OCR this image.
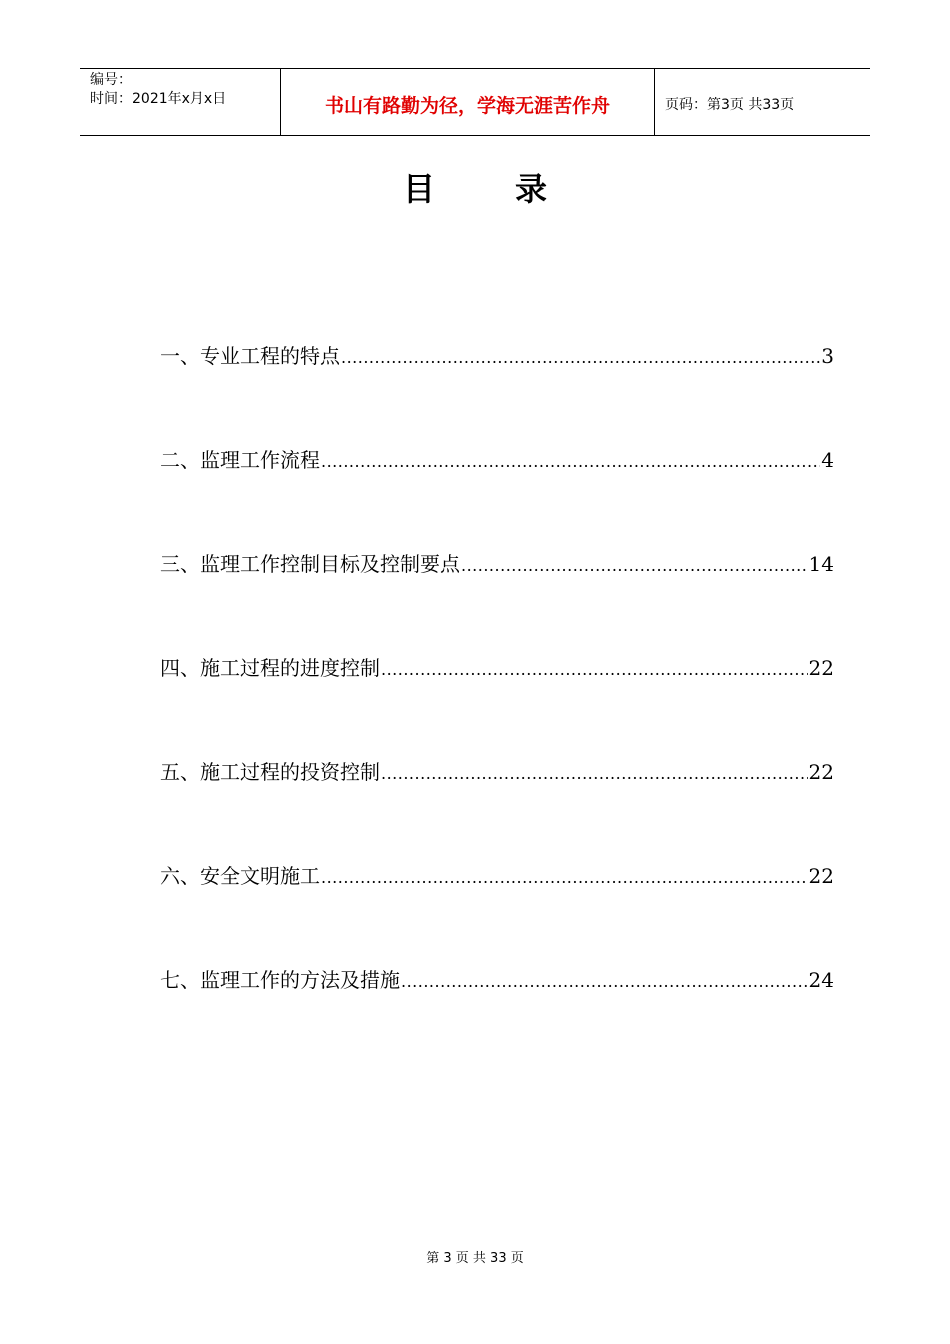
编号：
时间：2021年x月x日	书山有路勤为径，学海无涯苦作舟	页码：第3页 共33页
目	录
一、专业工程的特点 .....	3
二、监理工作流程 .....	4
三、监理工作控制目标及控制要点 .....	14
四、施工过程的进度控制 .....	22
五、施工过程的投资控制 .....	22
六、安全文明施工 .....	22
七、监理工作的方法及措施 .....	24
第 3 页 共 33 页
